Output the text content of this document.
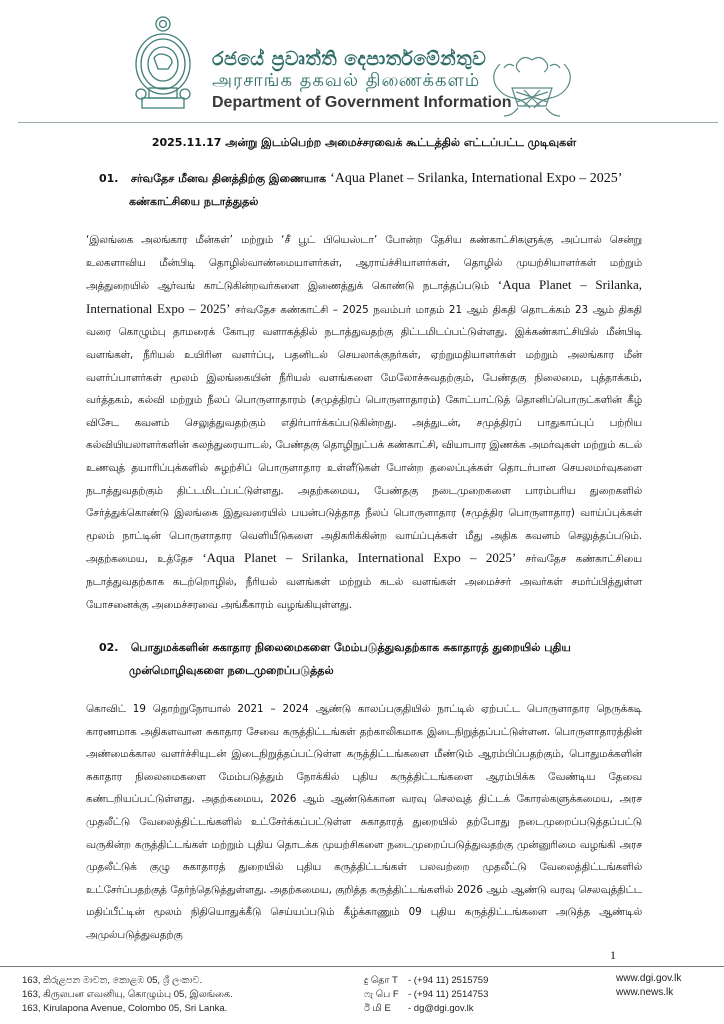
රජයේ ප්‍රවෘත්ති දෙපාර්තමේන්තුව
அரசாங்க தகவல் திணைக்களம்
Department of Government Information
2025.11.17 அன்று இடம்பெற்ற அமைச்சரவைக் கூட்டத்தில் எட்டப்பட்ட முடிவுகள்
01. சர்வதேச மீனவ தினத்திற்கு இணையாக ‘Aqua Planet – Srilanka, International Expo – 2025’ கண்காட்சியை நடாத்துதல்

‘இலங்கை அலங்கார மீன்கள்’ மற்றும் ‘சீ பூட் பியெஸ்டா’ போன்ற தேசிய கண்காட்சிகளுக்கு அப்பால் சென்று உலகளாவிய மீன்பிடி தொழில்வாண்மையாளர்கள், ஆராய்ச்சியாளர்கள், தொழில் முயற்சியாளர்கள் மற்றும் அத்துறையில் ஆர்வங் காட்டுகின்றவர்களை இணைத்துக் கொண்டு நடாத்தப்படும் ‘Aqua Planet – Srilanka, International Expo – 2025’ சர்வதேச கண்காட்சி – 2025 நவம்பர் மாதம் 21 ஆம் திகதி தொடக்கம் 23 ஆம் திகதி வரை கொழும்பு தாமரைக் கோபுர வளாகத்தில் நடாத்துவதற்கு திட்டமிடப்பட்டுள்ளது. இக்கண்காட்சியில் மீன்பிடி வளங்கள், நீரியல் உயிரின வளர்ப்பு, பதனிடல் செயலாக்குநர்கள், ஏற்றுமதியாளர்கள் மற்றும் அலங்கார மீன் வளர்ப்பாளர்கள் மூலம் இலங்கையின் நீரியல் வளங்களை மேலோச்சுவதற்கும், பேண்தகு நிலைமை, புத்தாக்கம், வர்த்தகம், கல்வி மற்றும் நீலப் பொருளாதாரம் (சமுத்திரப் பொருளாதாரம்) கோட்பாட்டுத் தொனிப்பொருட்களின் கீழ் விசேட கவனம் செலுத்துவதற்கும் எதிர்பார்க்கப்படுகின்றது. அத்துடன், சமுத்திரப் பாதுகாப்புப் பற்றிய கல்வியியலாளர்களின் கலந்துரையாடல், பேண்தகு தொழிநுட்பக் கண்காட்சி, வியாபார இணக்க அமர்வுகள் மற்றும் கடல் உணவுத் தயாரிப்புக்களில் சுழற்சிப் பொருளாதார உள்ளீடுகள் போன்ற தலைப்புக்கள் தொடர்பான செயலமர்வுகளை நடாத்துவதற்கும் திட்டமிடப்பட்டுள்ளது. அதற்கமைய, பேண்தகு நடைமுறைகளை பாரம்பரிய துறைகளில் சேர்த்துக்கொண்டு இலங்கை இதுவரையில் பயன்படுத்தாத நீலப் பொருளாதார (சமுத்திர பொருளாதார) வாய்ப்புக்கள் மூலம் நாட்டின் பொருளாதார வெளியீடுகளை அதிகரிக்கின்ற வாய்ப்புக்கள் மீது அதிக கவனம் செலுத்தப்படும். அதற்கமைய, உத்தேச ‘Aqua Planet – Srilanka, International Expo – 2025’ சர்வதேச கண்காட்சியை நடாத்துவதற்காக கடற்றொழில், நீரியல் வளங்கள் மற்றும் கடல் வளங்கள் அமைச்சர் அவர்கள் சமர்ப்பித்துள்ள யோசனைக்கு அமைச்சரவை அங்கீகாரம் வழங்கியுள்ளது.

02. பொதுமக்களின் சுகாதார நிலைமைகளை மேம்படுத்துவதற்காக சுகாதாரத் துறையில் புதிய முன்மொழிவுகளை நடைமுறைப்படுத்தல்

கொவிட் 19 தொற்றுநோயால் 2021 – 2024 ஆண்டு காலப்பகுதியில் நாட்டில் ஏற்பட்ட பொருளாதார நெருக்கடி காரணமாக அதிகளவான சுகாதார சேவை கருத்திட்டங்கள் தற்காலிகமாக இடைநிறுத்தப்பட்டுள்ளன. பொருளாதாரத்தின் அண்மைக்கால வளர்ச்சியுடன் இடைநிறுத்தப்பட்டுள்ள கருத்திட்டங்களை மீண்டும் ஆரம்பிப்பதற்கும், பொதுமக்களின் சுகாதார நிலைமைகளை மேம்படுத்தும் நோக்கில் புதிய கருத்திட்டங்களை ஆரம்பிக்க வேண்டிய தேவை கண்டறியப்பட்டுள்ளது. அதற்கமைய, 2026 ஆம் ஆண்டுக்கான வரவு செலவுத் திட்டக் கோரல்களுக்கமைய, அரச முதலீட்டு வேலைத்திட்டங்களில் உட்சேர்க்கப்பட்டுள்ள சுகாதாரத் துறையில் தற்போது நடைமுறைப்படுத்தப்பட்டு வருகின்ற கருத்திட்டங்கள் மற்றும் புதிய தொடக்க முயற்சிகளை நடைமுறைப்படுத்துவதற்கு முன்னுரிமை வழங்கி அரச முதலீட்டுக் குழு சுகாதாரத் துறையில் புதிய கருத்திட்டங்கள் பலவற்றை முதலீட்டு வேலைத்திட்டங்களில் உட்சேர்ப்பதற்குத் தேர்ந்தெடுத்துள்ளது. அதற்கமைய, குறித்த கருத்திட்டங்களில் 2026 ஆம் ஆண்டு வரவு செலவுத்திட்ட மதிப்பீட்டின் மூலம் நிதியொதுக்கீடு செய்யப்படும் கீழ்க்காணும் 09 புதிய கருத்திட்டங்களை அடுத்த ஆண்டில் அமுல்படுத்துவதற்கு

1
163, කිරුළපන මාවත, කොළඹ 05, ශ්‍රී ලංකාව.
163, கிருலபன எவனியு, கொழும்பு 05, இலங்கை.
163, Kirulapona Avenue, Colombo 05, Sri Lanka.
දු தொ T - (+94 11) 2515759
ෆැ பெ F - (+94 11) 2514753
ඊ மி E - dg@dgi.gov.lk
www.dgi.gov.lk
www.news.lk
